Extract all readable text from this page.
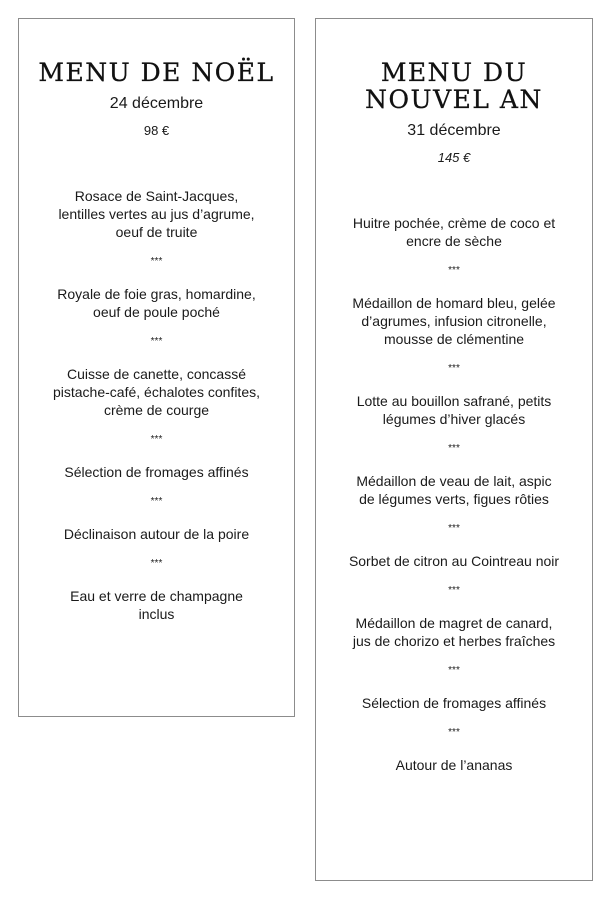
MENU DE NOËL
24 décembre
98 €
Rosace de Saint-Jacques,
lentilles vertes au jus d’agrume,
oeuf de truite
***
Royale de foie gras, homardine,
oeuf de poule poché
***
Cuisse de canette, concassé
pistache-café, échalotes confites,
crème de courge
***
Sélection de fromages affinés
***
Déclinaison autour de la poire
***
Eau et verre de champagne
inclus
MENU DU
NOUVEL AN
31 décembre
145 €
Huitre pochée, crème de coco et
encre de sèche
***
Médaillon de homard bleu, gelée
d’agrumes, infusion citronelle,
mousse de clémentine
***
Lotte au bouillon safrané, petits
légumes d’hiver glacés
***
Médaillon de veau de lait, aspic
de légumes verts, figues rôties
***
Sorbet de citron au Cointreau noir
***
Médaillon de magret de canard,
jus de chorizo et herbes fraîches
***
Sélection de fromages affinés
***
Autour de l’ananas
